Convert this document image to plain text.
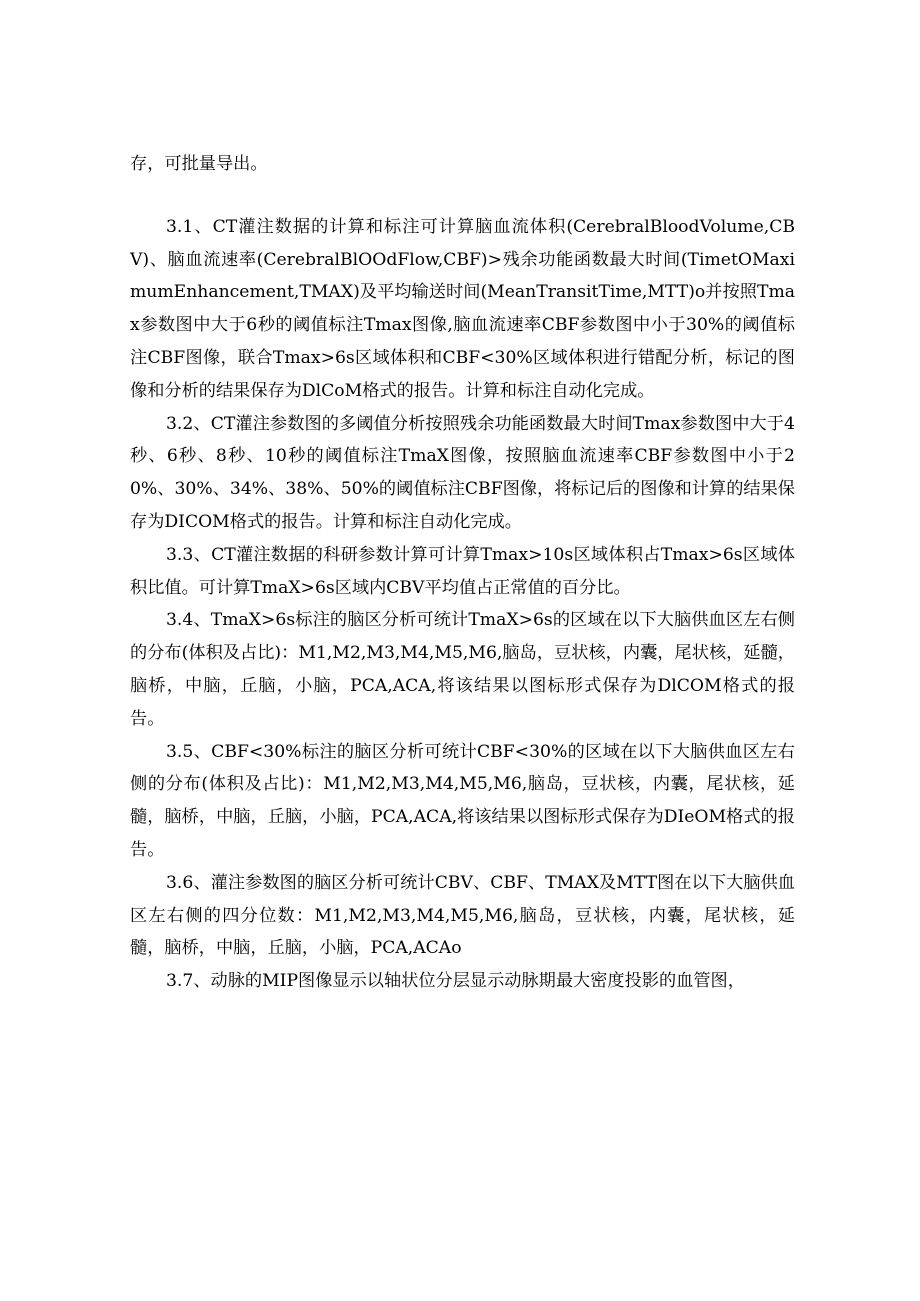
存，可批量导出。

3.1、CT灌注数据的计算和标注可计算脑血流体积(CerebralBloodVolume,CBV)、脑血流速率(CerebralBlOOdFlow,CBF)>残余功能函数最大时间(TimetOMaximumEnhancement,TMAX)及平均输送时间(MeanTransitTime,MTT)o并按照Tmax参数图中大于6秒的阈值标注Tmax图像,脑血流速率CBF参数图中小于30%的阈值标注CBF图像，联合Tmax>6s区域体积和CBF<30%区域体积进行错配分析，标记的图像和分析的结果保存为DlCoM格式的报告。计算和标注自动化完成。

3.2、CT灌注参数图的多阈值分析按照残余功能函数最大时间Tmax参数图中大于4秒、6秒、8秒、10秒的阈值标注TmaX图像，按照脑血流速率CBF参数图中小于20%、30%、34%、38%、50%的阈值标注CBF图像，将标记后的图像和计算的结果保存为DICOM格式的报告。计算和标注自动化完成。

3.3、CT灌注数据的科研参数计算可计算Tmax>10s区域体积占Tmax>6s区域体积比值。可计算TmaX>6s区域内CBV平均值占正常值的百分比。

3.4、TmaX>6s标注的脑区分析可统计TmaX>6s的区域在以下大脑供血区左右侧的分布(体积及占比)：M1,M2,M3,M4,M5,M6,脑岛，豆状核，内囊，尾状核，延髓，脑桥，中脑，丘脑，小脑，PCA,ACA,将该结果以图标形式保存为DlCOM格式的报告。

3.5、CBF<30%标注的脑区分析可统计CBF<30%的区域在以下大脑供血区左右侧的分布(体积及占比)：M1,M2,M3,M4,M5,M6,脑岛，豆状核，内囊，尾状核，延髓，脑桥，中脑，丘脑，小脑，PCA,ACA,将该结果以图标形式保存为DIeOM格式的报告。

3.6、灌注参数图的脑区分析可统计CBV、CBF、TMAX及MTT图在以下大脑供血区左右侧的四分位数：M1,M2,M3,M4,M5,M6,脑岛，豆状核，内囊，尾状核，延髓，脑桥，中脑，丘脑，小脑，PCA,ACAo

3.7、动脉的MIP图像显示以轴状位分层显示动脉期最大密度投影的血管图，
